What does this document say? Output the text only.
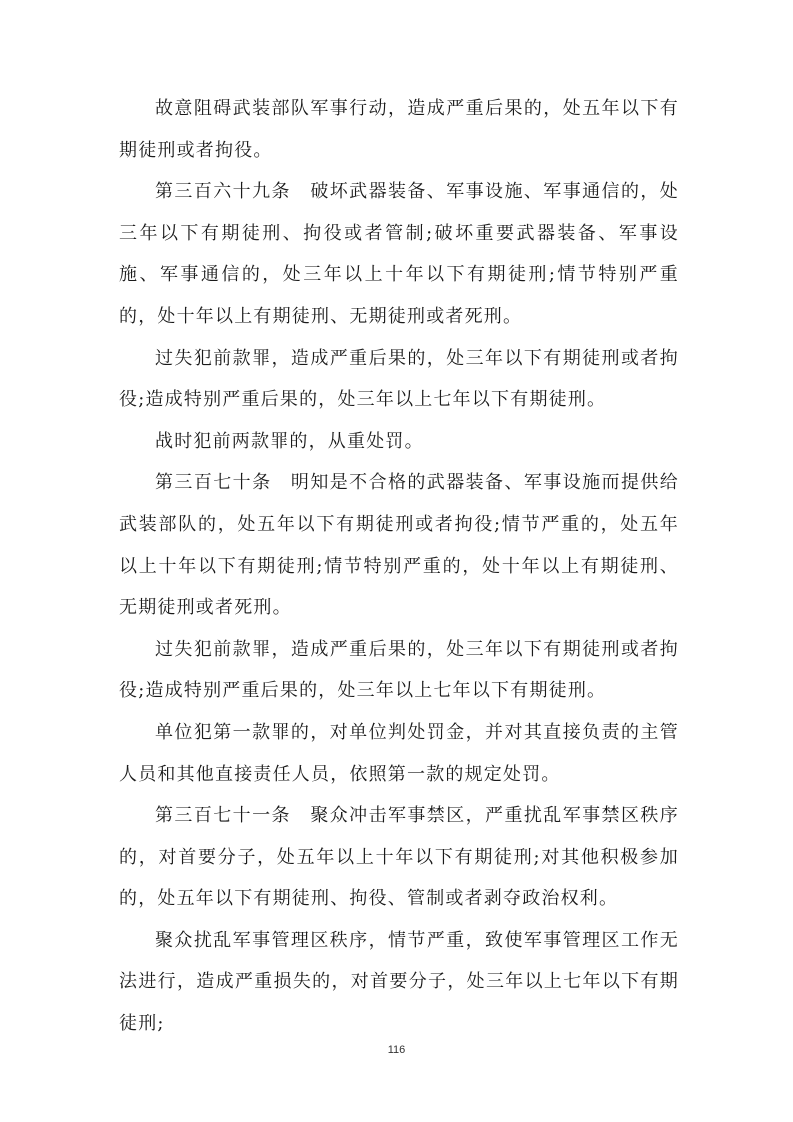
故意阻碍武装部队军事行动，造成严重后果的，处五年以下有期徒刑或者拘役。

第三百六十九条　破坏武器装备、军事设施、军事通信的，处三年以下有期徒刑、拘役或者管制;破坏重要武器装备、军事设施、军事通信的，处三年以上十年以下有期徒刑;情节特别严重的，处十年以上有期徒刑、无期徒刑或者死刑。

过失犯前款罪，造成严重后果的，处三年以下有期徒刑或者拘役;造成特别严重后果的，处三年以上七年以下有期徒刑。

战时犯前两款罪的，从重处罚。

第三百七十条　明知是不合格的武器装备、军事设施而提供给武装部队的，处五年以下有期徒刑或者拘役;情节严重的，处五年以上十年以下有期徒刑;情节特别严重的，处十年以上有期徒刑、无期徒刑或者死刑。

过失犯前款罪，造成严重后果的，处三年以下有期徒刑或者拘役;造成特别严重后果的，处三年以上七年以下有期徒刑。

单位犯第一款罪的，对单位判处罚金，并对其直接负责的主管人员和其他直接责任人员，依照第一款的规定处罚。

第三百七十一条　聚众冲击军事禁区，严重扰乱军事禁区秩序的，对首要分子，处五年以上十年以下有期徒刑;对其他积极参加的，处五年以下有期徒刑、拘役、管制或者剥夺政治权利。

聚众扰乱军事管理区秩序，情节严重，致使军事管理区工作无法进行，造成严重损失的，对首要分子，处三年以上七年以下有期徒刑;

116
